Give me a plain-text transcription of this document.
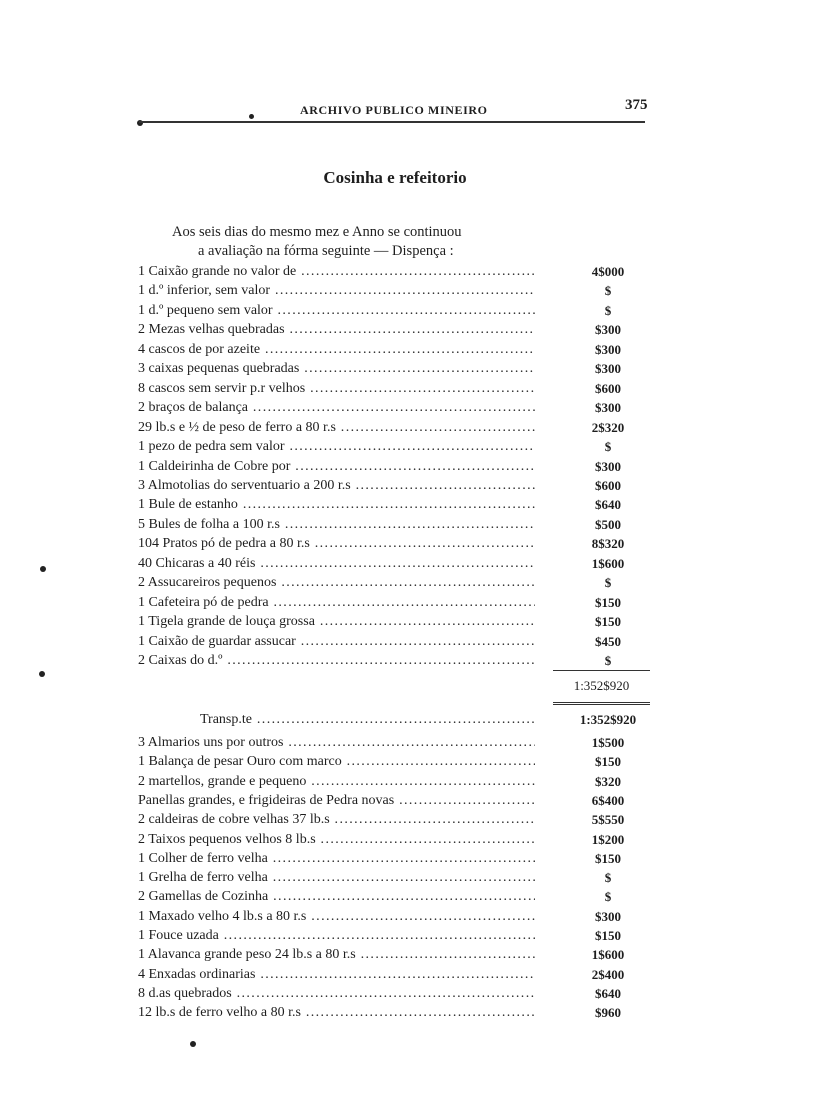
ARCHIVO PUBLICO MINEIRO	375
Cosinha e refeitorio
Aos seis dias do mesmo mez e Anno se continuou
a avaliação na fórma seguinte — Dispença :
1 Caixão grande no valor de .....	4$000
1 d.º inferior, sem valor .....	$
1 d.º pequeno sem valor .....	$
2 Mezas velhas quebradas .....	$300
4 cascos de por azeite .....	$300
3 caixas pequenas quebradas .....	$300
8 cascos sem servir p.r velhos .....	$600
2 braços de balança .....	$300
29 lb.s e ½ de peso de ferro a 80 r.s .....	2$320
1 pezo de pedra sem valor .....	$
1 Caldeirinha de Cobre por .....	$300
3 Almotolias do serventuario a 200 r.s .....	$600
1 Bule de estanho .....	$640
5 Bules de folha a 100 r.s .....	$500
104 Pratos pó de pedra a 80 r.s .....	8$320
40 Chicaras a 40 réis .....	1$600
2 Assucareiros pequenos .....	$
1 Cafeteira pó de pedra .....	$150
1 Tigela grande de louça grossa .....	$150
1 Caixão de guardar assucar .....	$450
2 Caixas do d.º .....	$
1:352$920
Transp.te .....	1:352$920
3 Almarios uns por outros .....	1$500
1 Balança de pesar Ouro com marco .....	$150
2 martellos, grande e pequeno .....	$320
Panellas grandes, e frigideiras de Pedra novas .....	6$400
2 caldeiras de cobre velhas 37 lb.s .....	5$550
2 Taixos pequenos velhos 8 lb.s .....	1$200
1 Colher de ferro velha .....	$150
1 Grelha de ferro velha .....	$
2 Gamellas de Cozinha .....	$
1 Maxado velho 4 lb.s a 80 r.s .....	$300
1 Fouce uzada .....	$150
1 Alavanca grande peso 24 lb.s a 80 r.s .....	1$600
4 Enxadas ordinarias .....	2$400
8 d.as quebrados .....	$640
12 lb.s de ferro velho a 80 r.s .....	$960
